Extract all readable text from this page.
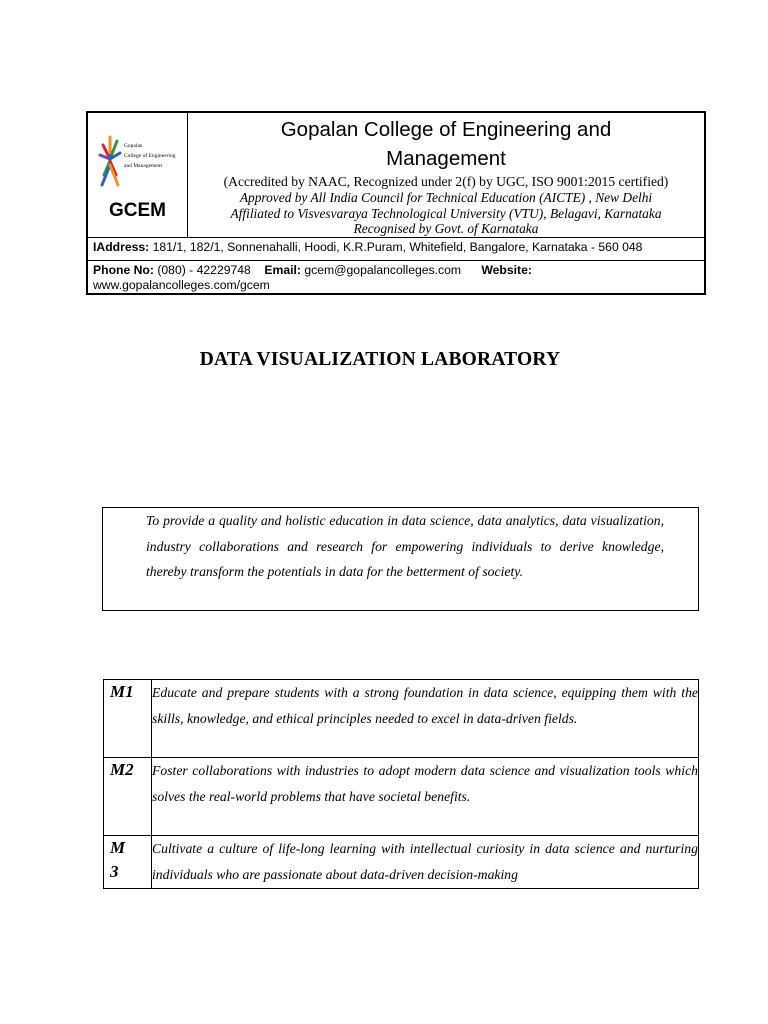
Gopalan
College of Engineering
and Management
GCEM
Gopalan College of Engineering and
Management
(Accredited by NAAC, Recognized under 2(f) by UGC, ISO 9001:2015 certified)
Approved by All India Council for Technical Education (AICTE) , New Delhi
Affiliated to Visvesvaraya Technological University (VTU), Belagavi, Karnataka
Recognised by Govt. of Karnataka
IAddress: 181/1, 182/1, Sonnenahalli, Hoodi, K.R.Puram, Whitefield, Bangalore, Karnataka - 560 048
Phone No: (080) - 42229748 Email: gcem@gopalancolleges.com Website:
www.gopalancolleges.com/gcem
DATA VISUALIZATION LABORATORY
To provide a quality and holistic education in data science, data analytics, data visualization, industry collaborations and research for empowering individuals to derive knowledge, thereby transform the potentials in data for the betterment of society.
M1	Educate and prepare students with a strong foundation in data science, equipping them with the skills, knowledge, and ethical principles needed to excel in data-driven fields.
M2	Foster collaborations with industries to adopt modern data science and visualization tools which solves the real-world problems that have societal benefits.
M
3	Cultivate a culture of life-long learning with intellectual curiosity in data science and nurturing individuals who are passionate about data-driven decision-making
